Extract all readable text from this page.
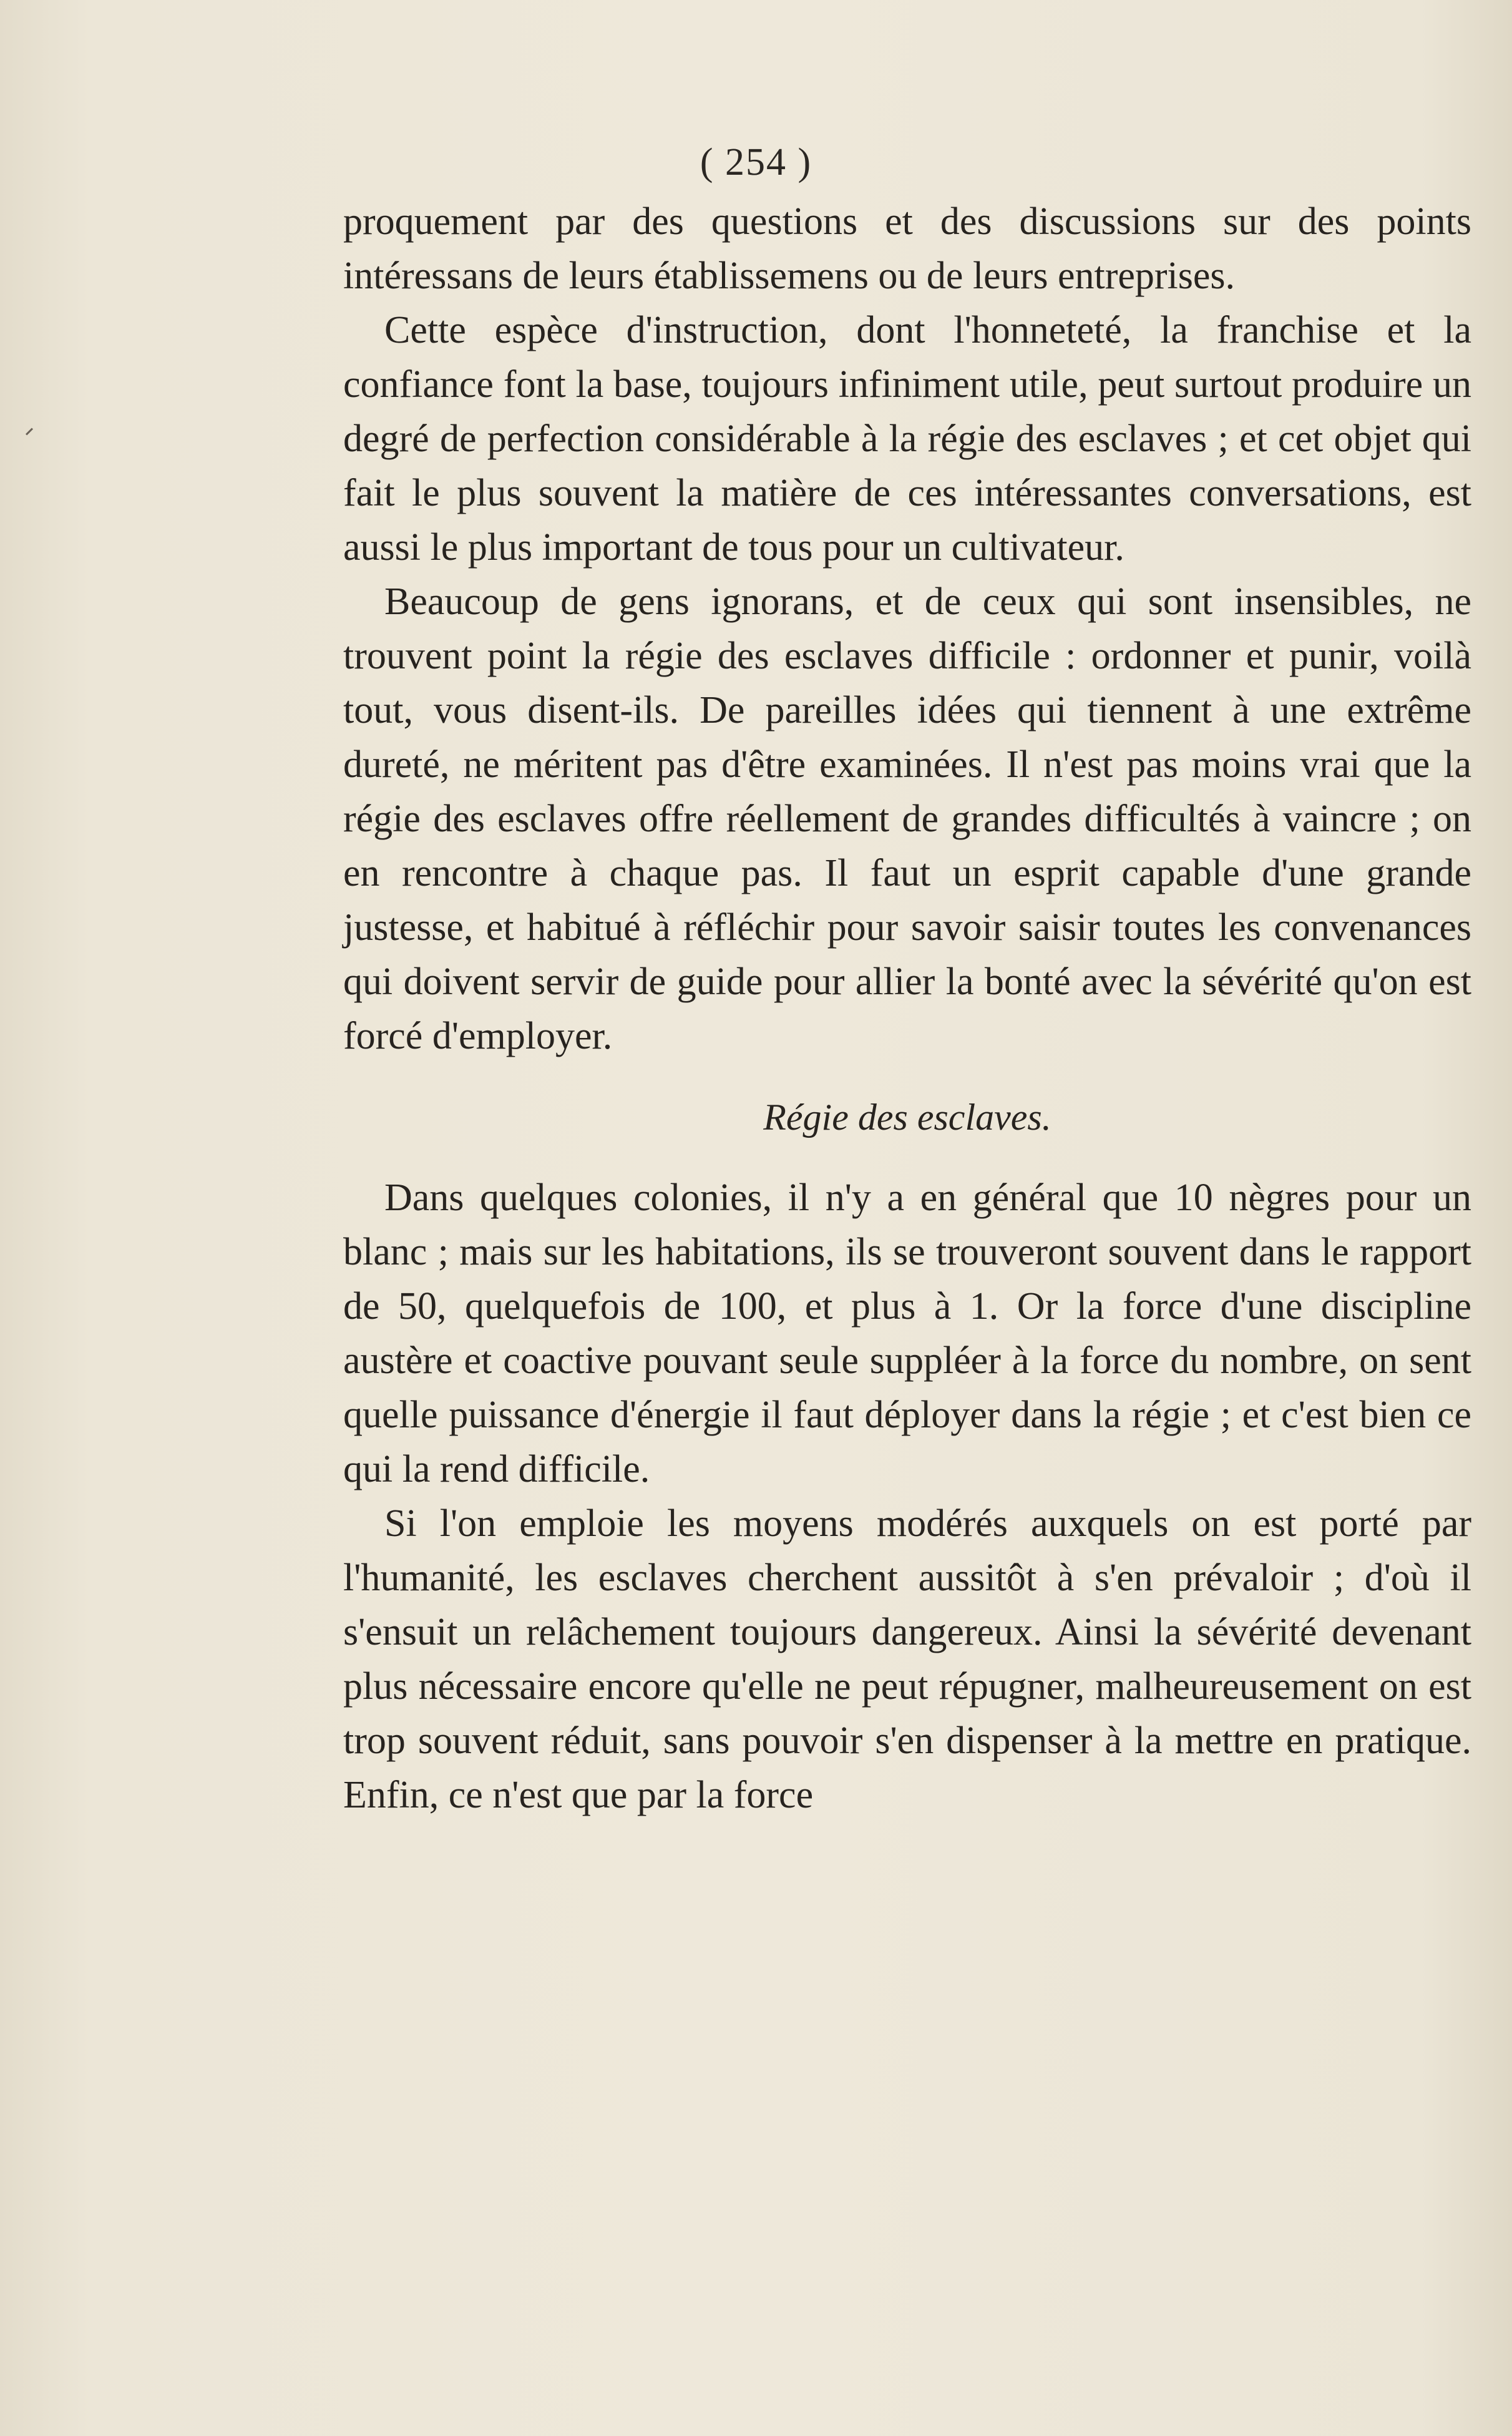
( 254 )

proquement par des questions et des discussions sur des points intéressans de leurs établissemens ou de leurs entreprises.

Cette espèce d'instruction, dont l'honneteté, la franchise et la confiance font la base, toujours infiniment utile, peut surtout produire un degré de perfection considérable à la régie des esclaves ; et cet objet qui fait le plus souvent la matière de ces intéressantes conversations, est aussi le plus important de tous pour un cultivateur.

Beaucoup de gens ignorans, et de ceux qui sont insensibles, ne trouvent point la régie des esclaves difficile : ordonner et punir, voilà tout, vous disent-ils. De pareilles idées qui tiennent à une extrême dureté, ne méritent pas d'être examinées. Il n'est pas moins vrai que la régie des esclaves offre réellement de grandes difficultés à vaincre ; on en rencontre à chaque pas. Il faut un esprit capable d'une grande justesse, et habitué à réfléchir pour savoir saisir toutes les convenances qui doivent servir de guide pour allier la bonté avec la sévérité qu'on est forcé d'employer.

Régie des esclaves.

Dans quelques colonies, il n'y a en général que 10 nègres pour un blanc ; mais sur les habitations, ils se trouveront souvent dans le rapport de 50, quelquefois de 100, et plus à 1. Or la force d'une discipline austère et coactive pouvant seule suppléer à la force du nombre, on sent quelle puissance d'énergie il faut déployer dans la régie ; et c'est bien ce qui la rend difficile.

Si l'on emploie les moyens modérés auxquels on est porté par l'humanité, les esclaves cherchent aussitôt à s'en prévaloir ; d'où il s'ensuit un relâchement toujours dangereux. Ainsi la sévérité devenant plus nécessaire encore qu'elle ne peut répugner, malheureusement on est trop souvent réduit, sans pouvoir s'en dispenser à la mettre en pratique. Enfin, ce n'est que par la force
